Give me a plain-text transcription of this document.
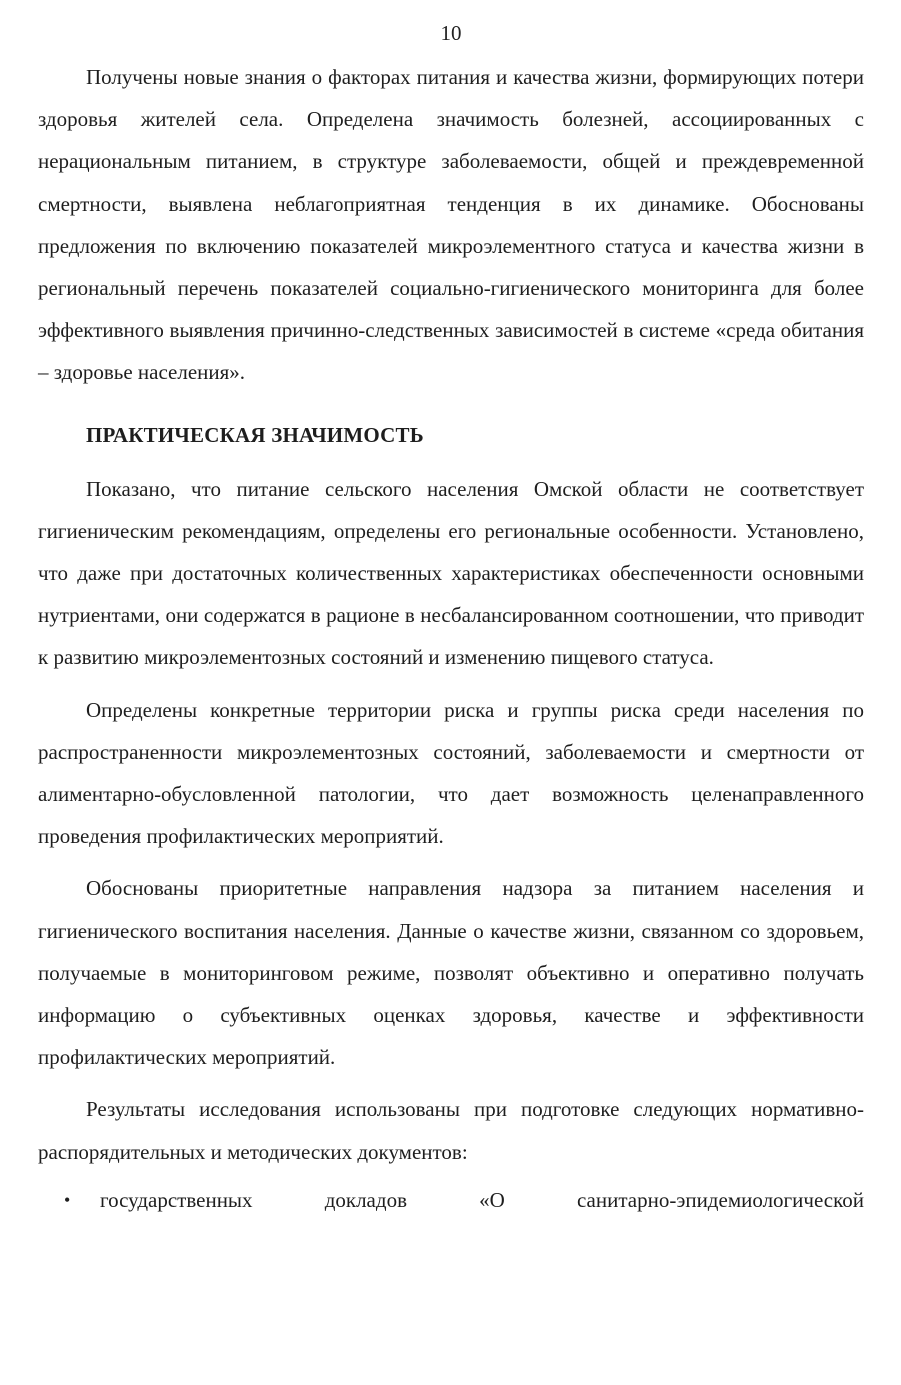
10

Получены новые знания о факторах питания и качества жизни, формирующих потери здоровья жителей села. Определена значимость болезней, ассоциированных с нерациональным питанием, в структуре заболеваемости, общей и преждевременной смертности, выявлена неблагоприятная тенденция в их динамике. Обоснованы предложения по включению показателей микроэлементного статуса и качества жизни в региональный перечень показателей социально-гигиенического мониторинга для более эффективного выявления причинно-следственных зависимостей в системе «среда обитания – здоровье населения».

ПРАКТИЧЕСКАЯ ЗНАЧИМОСТЬ

Показано, что питание сельского населения Омской области не соответствует гигиеническим рекомендациям, определены его региональные особенности. Установлено, что даже при достаточных количественных характеристиках обеспеченности основными нутриентами, они содержатся в рационе в несбалансированном соотношении, что приводит к развитию микроэлементозных состояний и изменению пищевого статуса.

Определены конкретные территории риска и группы риска среди населения по распространенности микроэлементозных состояний, заболеваемости и смертности от алиментарно-обусловленной патологии, что дает возможность целенаправленного проведения профилактических мероприятий.

Обоснованы приоритетные направления надзора за питанием населения и гигиенического воспитания населения. Данные о качестве жизни, связанном со здоровьем, получаемые в мониторинговом режиме, позволят объективно и оперативно получать информацию о субъективных оценках здоровья, качестве и эффективности профилактических мероприятий.

Результаты исследования использованы при подготовке следующих нормативно-распорядительных и методических документов:

• государственных докладов «О санитарно-эпидемиологической
